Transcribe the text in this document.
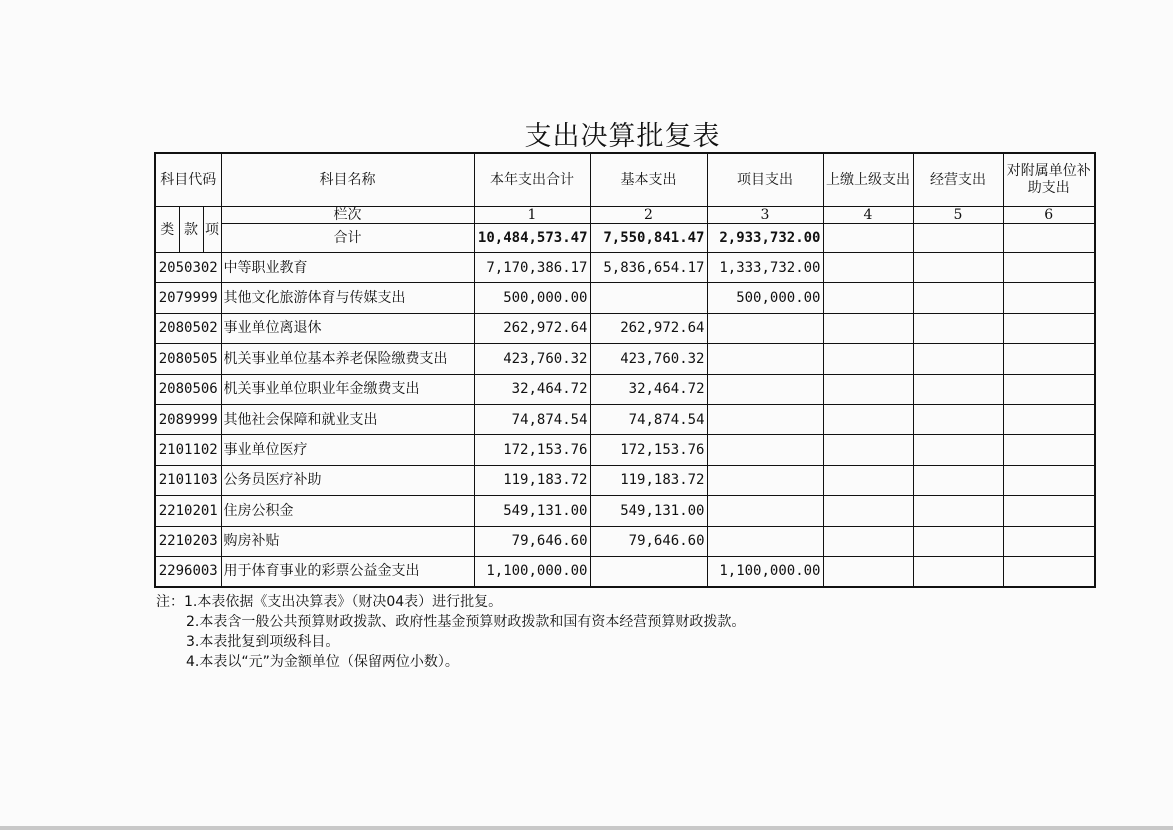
支出决算批复表
科目代码			科目名称	本年支出合计	基本支出	项目支出	上缴上级支出	经营支出	对附属单位补助支出
类	款	项	栏次	1	2	3	4	5	6
			合计	10,484,573.47	7,550,841.47	2,933,732.00			
2050302			中等职业教育	7,170,386.17	5,836,654.17	1,333,732.00			
2079999			其他文化旅游体育与传媒支出	500,000.00		500,000.00			
2080502			事业单位离退休	262,972.64	262,972.64				
2080505			机关事业单位基本养老保险缴费支出	423,760.32	423,760.32				
2080506			机关事业单位职业年金缴费支出	32,464.72	32,464.72				
2089999			其他社会保障和就业支出	74,874.54	74,874.54				
2101102			事业单位医疗	172,153.76	172,153.76				
2101103			公务员医疗补助	119,183.72	119,183.72				
2210201			住房公积金	549,131.00	549,131.00				
2210203			购房补贴	79,646.60	79,646.60				
2296003			用于体育事业的彩票公益金支出	1,100,000.00		1,100,000.00			
注：1.本表依据《支出决算表》（财决04表）进行批复。
2.本表含一般公共预算财政拨款、政府性基金预算财政拨款和国有资本经营预算财政拨款。
3.本表批复到项级科目。
4.本表以“元”为金额单位（保留两位小数）。
